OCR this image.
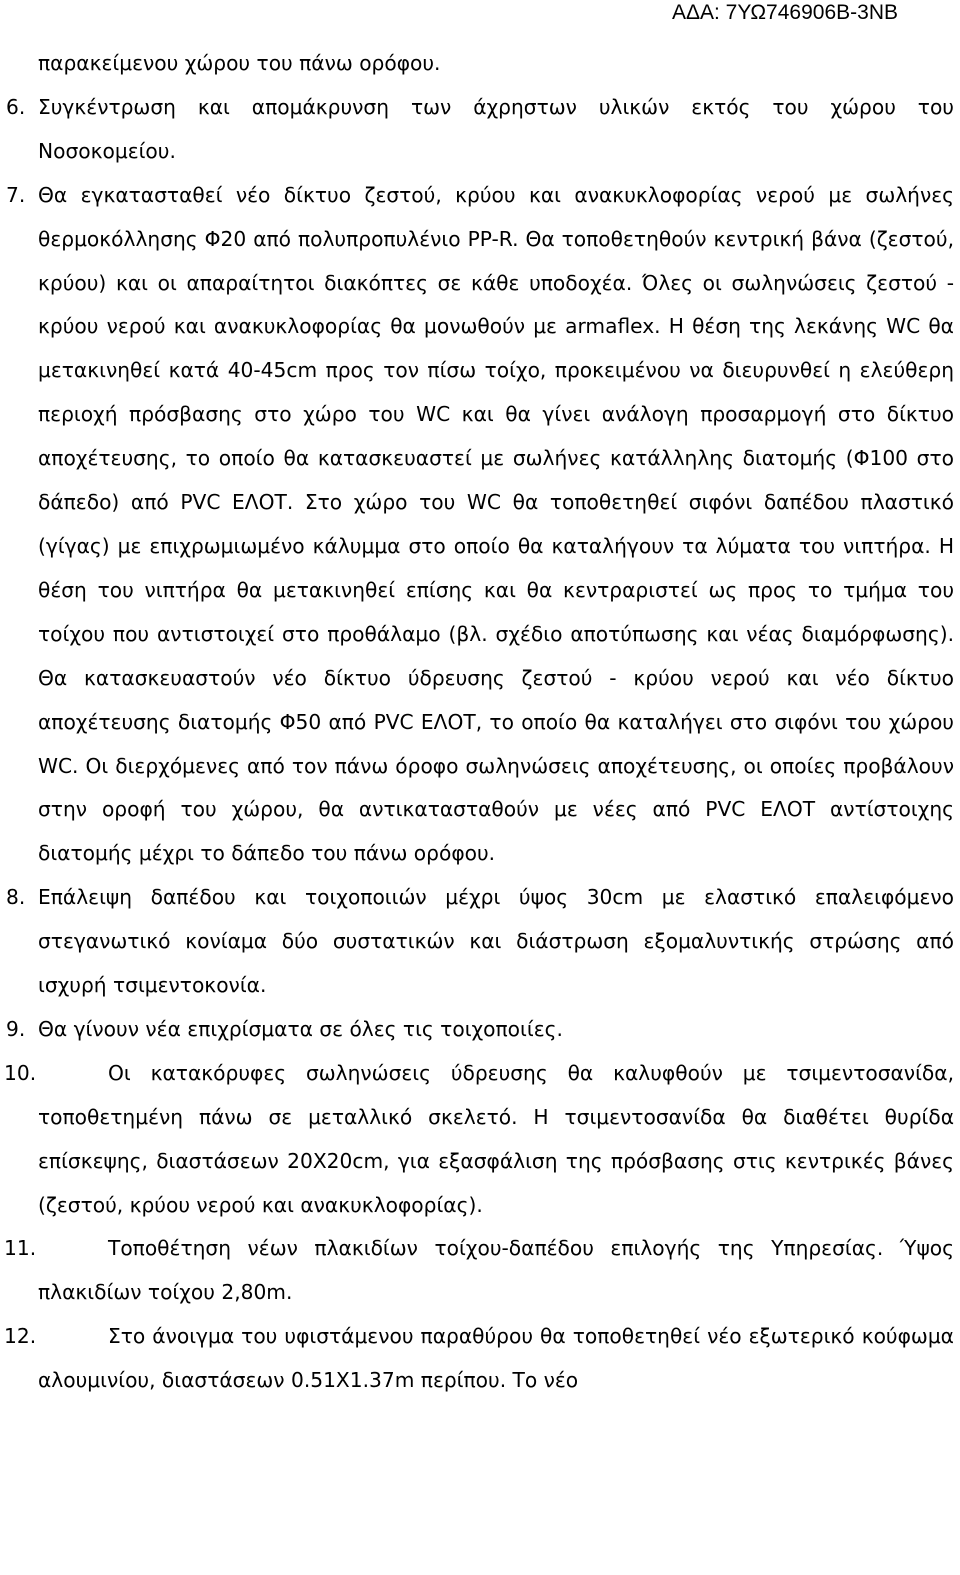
ΑΔΑ: 7ΥΩ746906Β-3ΝΒ

παρακείμενου χώρου του πάνω ορόφου.

6. Συγκέντρωση και απομάκρυνση των άχρηστων υλικών εκτός του χώρου του Νοσοκομείου.
7. Θα εγκατασταθεί νέο δίκτυο ζεστού, κρύου και ανακυκλοφορίας νερού με σωλήνες θερμοκόλλησης Φ20 από πολυπροπυλένιο PP-R. Θα τοποθετηθούν κεντρική βάνα (ζεστού, κρύου) και οι απαραίτητοι διακόπτες σε κάθε υποδοχέα. Όλες οι σωληνώσεις ζεστού - κρύου νερού και ανακυκλοφορίας θα μονωθούν με armaflex. Η θέση της λεκάνης WC θα μετακινηθεί κατά 40-45cm προς τον πίσω τοίχο, προκειμένου να διευρυνθεί η ελεύθερη περιοχή πρόσβασης στο χώρο του WC και θα γίνει ανάλογη προσαρμογή στο δίκτυο αποχέτευσης, το οποίο θα κατασκευαστεί με σωλήνες κατάλληλης διατομής (Φ100 στο δάπεδο) από PVC ΕΛΟΤ. Στο χώρο του WC θα τοποθετηθεί σιφόνι δαπέδου πλαστικό (γίγας) με επιχρωμιωμένο κάλυμμα στο οποίο θα καταλήγουν τα λύματα του νιπτήρα. Η θέση του νιπτήρα θα μετακινηθεί επίσης και θα κεντραριστεί ως προς το τμήμα του τοίχου που αντιστοιχεί στο προθάλαμο (βλ. σχέδιο αποτύπωσης και νέας διαμόρφωσης). Θα κατασκευαστούν νέο δίκτυο ύδρευσης ζεστού - κρύου νερού και νέο δίκτυο αποχέτευσης διατομής Φ50 από PVC ΕΛΟΤ, το οποίο θα καταλήγει στο σιφόνι του χώρου WC. Οι διερχόμενες από τον πάνω όροφο σωληνώσεις αποχέτευσης, οι οποίες προβάλουν στην οροφή του χώρου, θα αντικατασταθούν με νέες από PVC ΕΛΟΤ αντίστοιχης διατομής μέχρι το δάπεδο του πάνω ορόφου.
8. Επάλειψη δαπέδου και τοιχοποιιών μέχρι ύψος 30cm με ελαστικό επαλειφόμενο στεγανωτικό κονίαμα δύο συστατικών και διάστρωση εξομαλυντικής στρώσης από ισχυρή τσιμεντοκονία.
9. Θα γίνουν νέα επιχρίσματα σε όλες τις τοιχοποιίες.
10.	Οι κατακόρυφες σωληνώσεις ύδρευσης θα καλυφθούν με τσιμεντοσανίδα, τοποθετημένη πάνω σε μεταλλικό σκελετό. Η τσιμεντοσανίδα θα διαθέτει θυρίδα επίσκεψης, διαστάσεων 20Χ20cm, για εξασφάλιση της πρόσβασης στις κεντρικές βάνες (ζεστού, κρύου νερού και ανακυκλοφορίας).
11.	Τοποθέτηση νέων πλακιδίων τοίχου-δαπέδου επιλογής της Υπηρεσίας. Ύψος πλακιδίων τοίχου 2,80m.
12.	Στο άνοιγμα του υφιστάμενου παραθύρου θα τοποθετηθεί νέο εξωτερικό κούφωμα αλουμινίου, διαστάσεων 0.51Χ1.37m περίπου. Το νέο
